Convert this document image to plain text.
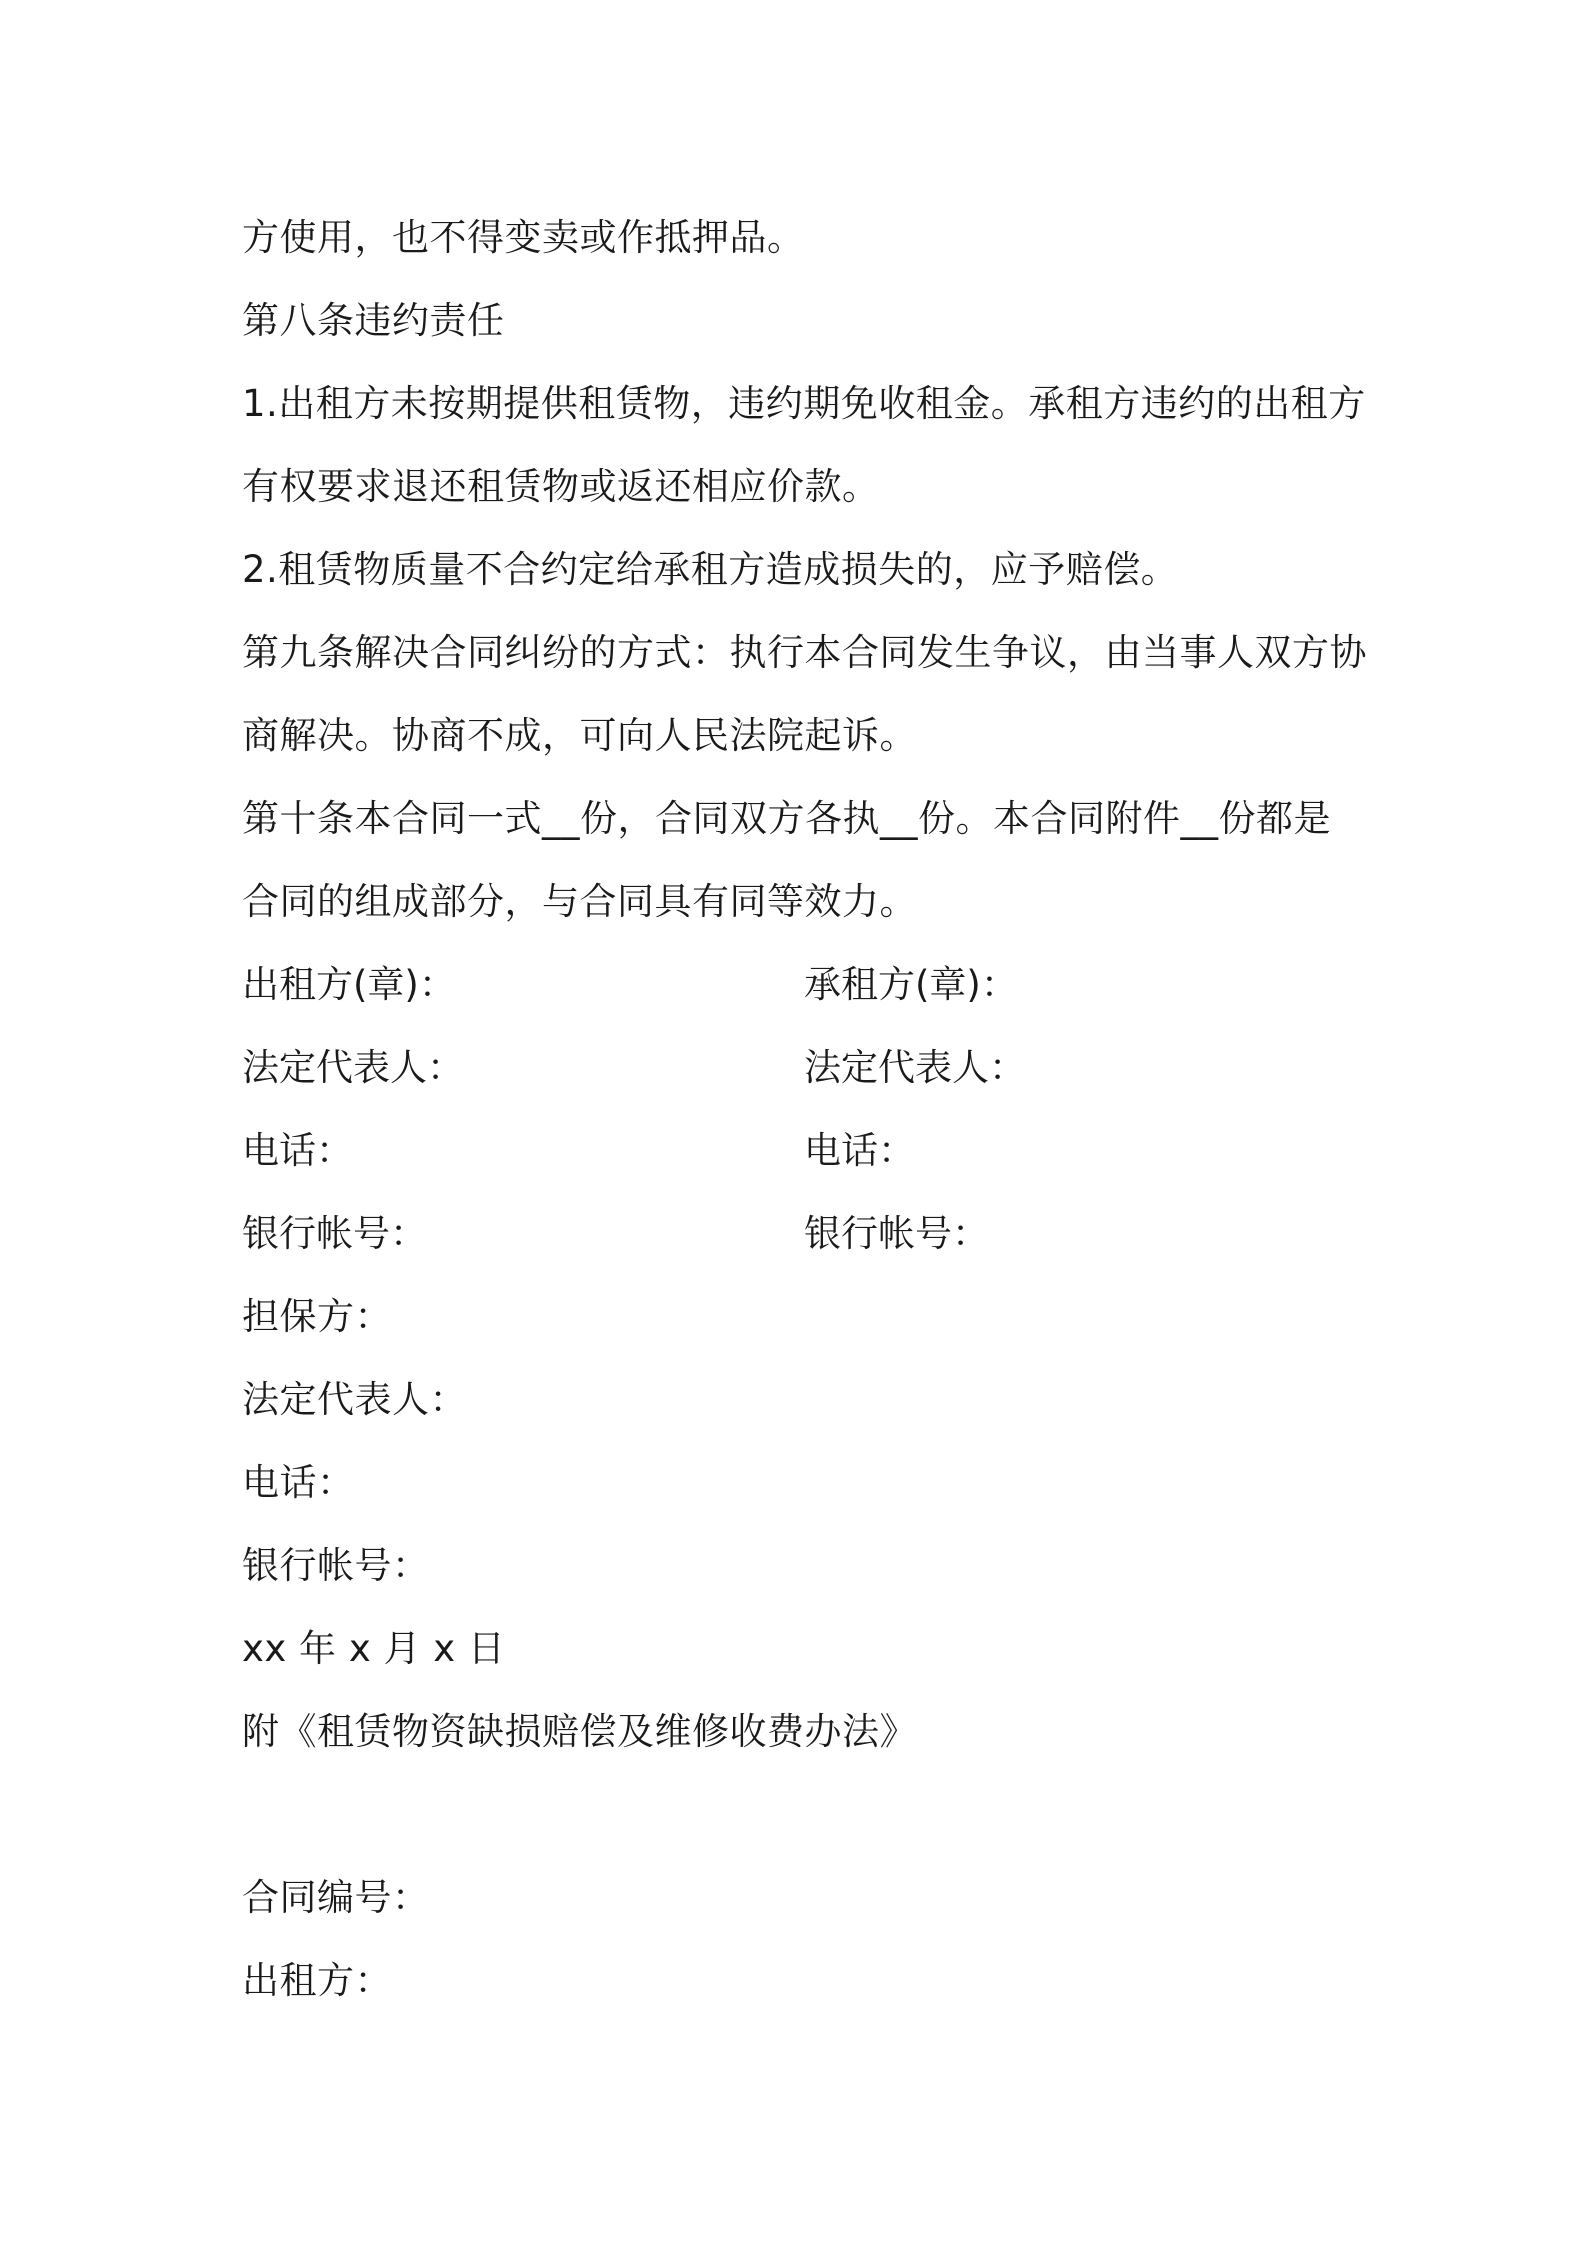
方使用，也不得变卖或作抵押品。
第八条违约责任
1.出租方未按期提供租赁物，违约期免收租金。承租方违约的出租方
有权要求退还租赁物或返还相应价款。
2.租赁物质量不合约定给承租方造成损失的，应予赔偿。
第九条解决合同纠纷的方式：执行本合同发生争议，由当事人双方协
商解决。协商不成，可向人民法院起诉。
第十条本合同一式__份，合同双方各执__份。本合同附件__份都是
合同的组成部分，与合同具有同等效力。
出租方(章)：	承租方(章)：
法定代表人：	法定代表人：
电话：	电话：
银行帐号：	银行帐号：
担保方：
法定代表人：
电话：
银行帐号：
xx 年 x 月 x 日
附《租赁物资缺损赔偿及维修收费办法》
合同编号：
出租方：
